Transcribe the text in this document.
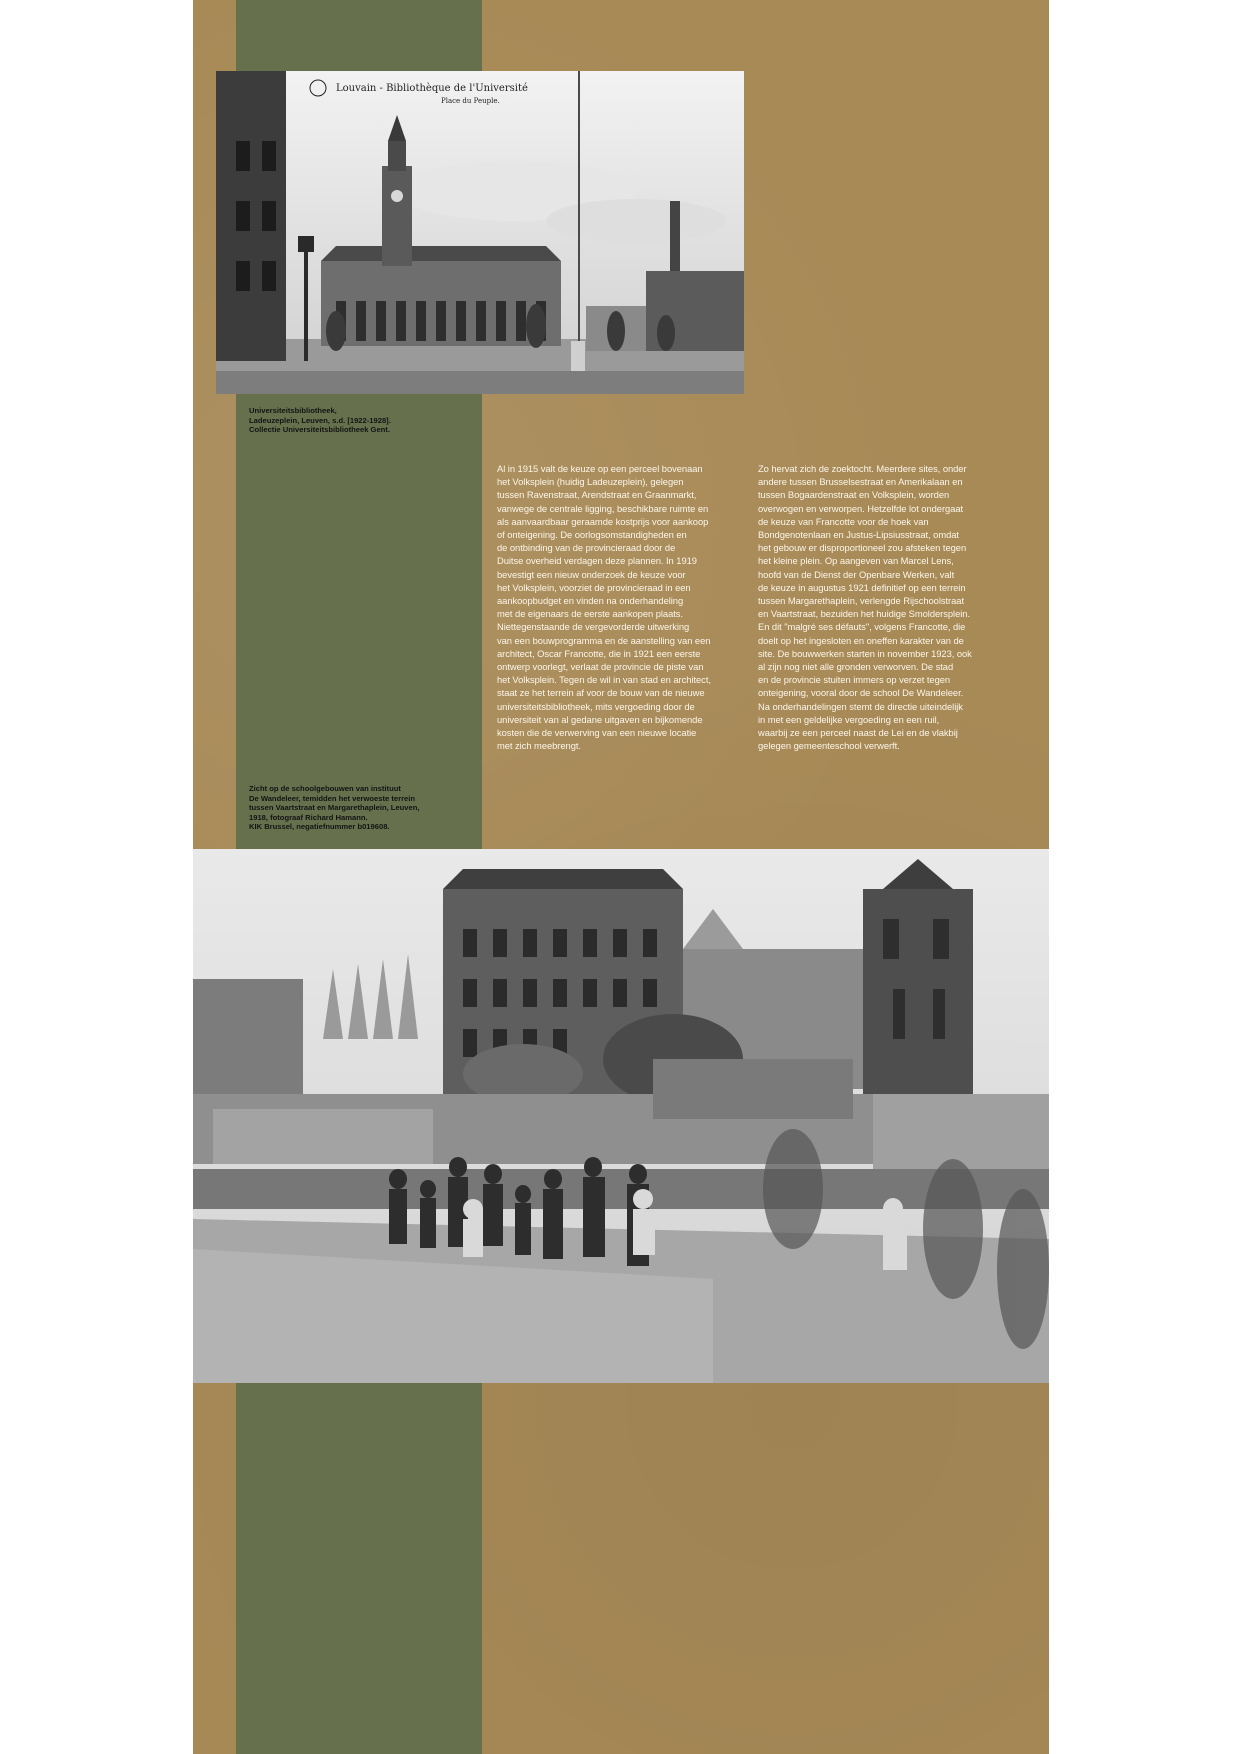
Louvain - Bibliothèque de l'Université
Place du Peuple.
Universiteitsbibliotheek,
Ladeuzeplein, Leuven, s.d. [1922-1928].
Collectie Universiteitsbibliotheek Gent.
Al in 1915 valt de keuze op een perceel bovenaan
het Volksplein (huidig Ladeuzeplein), gelegen
tussen Ravenstraat, Arendstraat en Graanmarkt,
vanwege de centrale ligging, beschikbare ruimte en
als aanvaardbaar geraamde kostprijs voor aankoop
of onteigening. De oorlogsomstandigheden en
de ontbinding van de provincieraad door de
Duitse overheid verdagen deze plannen. In 1919
bevestigt een nieuw onderzoek de keuze voor
het Volksplein, voorziet de provincieraad in een
aankoopbudget en vinden na onderhandeling
met de eigenaars de eerste aankopen plaats.
Niettegenstaande de vergevorderde uitwerking
van een bouwprogramma en de aanstelling van een
architect, Oscar Francotte, die in 1921 een eerste
ontwerp voorlegt, verlaat de provincie de piste van
het Volksplein. Tegen de wil in van stad en architect,
staat ze het terrein af voor de bouw van de nieuwe
universiteitsbibliotheek, mits vergoeding door de
universiteit van al gedane uitgaven en bijkomende
kosten die de verwerving van een nieuwe locatie
met zich meebrengt.
Zo hervat zich de zoektocht. Meerdere sites, onder
andere tussen Brusselsestraat en Amerikalaan en
tussen Bogaardenstraat en Volksplein, worden
overwogen en verworpen. Hetzelfde lot ondergaat
de keuze van Francotte voor de hoek van
Bondgenotenlaan en Justus-Lipsiusstraat, omdat
het gebouw er disproportioneel zou afsteken tegen
het kleine plein. Op aangeven van Marcel Lens,
hoofd van de Dienst der Openbare Werken, valt
de keuze in augustus 1921 definitief op een terrein
tussen Margarethaplein, verlengde Rijschoolstraat
en Vaartstraat, bezuiden het huidige Smoldersplein.
En dit "malgré ses défauts", volgens Francotte, die
doelt op het ingesloten en oneffen karakter van de
site. De bouwwerken starten in november 1923, ook
al zijn nog niet alle gronden verworven. De stad
en de provincie stuiten immers op verzet tegen
onteigening, vooral door de school De Wandeleer.
Na onderhandelingen stemt de directie uiteindelijk
in met een geldelijke vergoeding en een ruil,
waarbij ze een perceel naast de Lei en de vlakbij
gelegen gemeenteschool verwerft.
Zicht op de schoolgebouwen van instituut
De Wandeleer, temidden het verwoeste terrein
tussen Vaartstraat en Margarethaplein, Leuven,
1918, fotograaf Richard Hamann.
KIK Brussel, negatiefnummer b019608.
